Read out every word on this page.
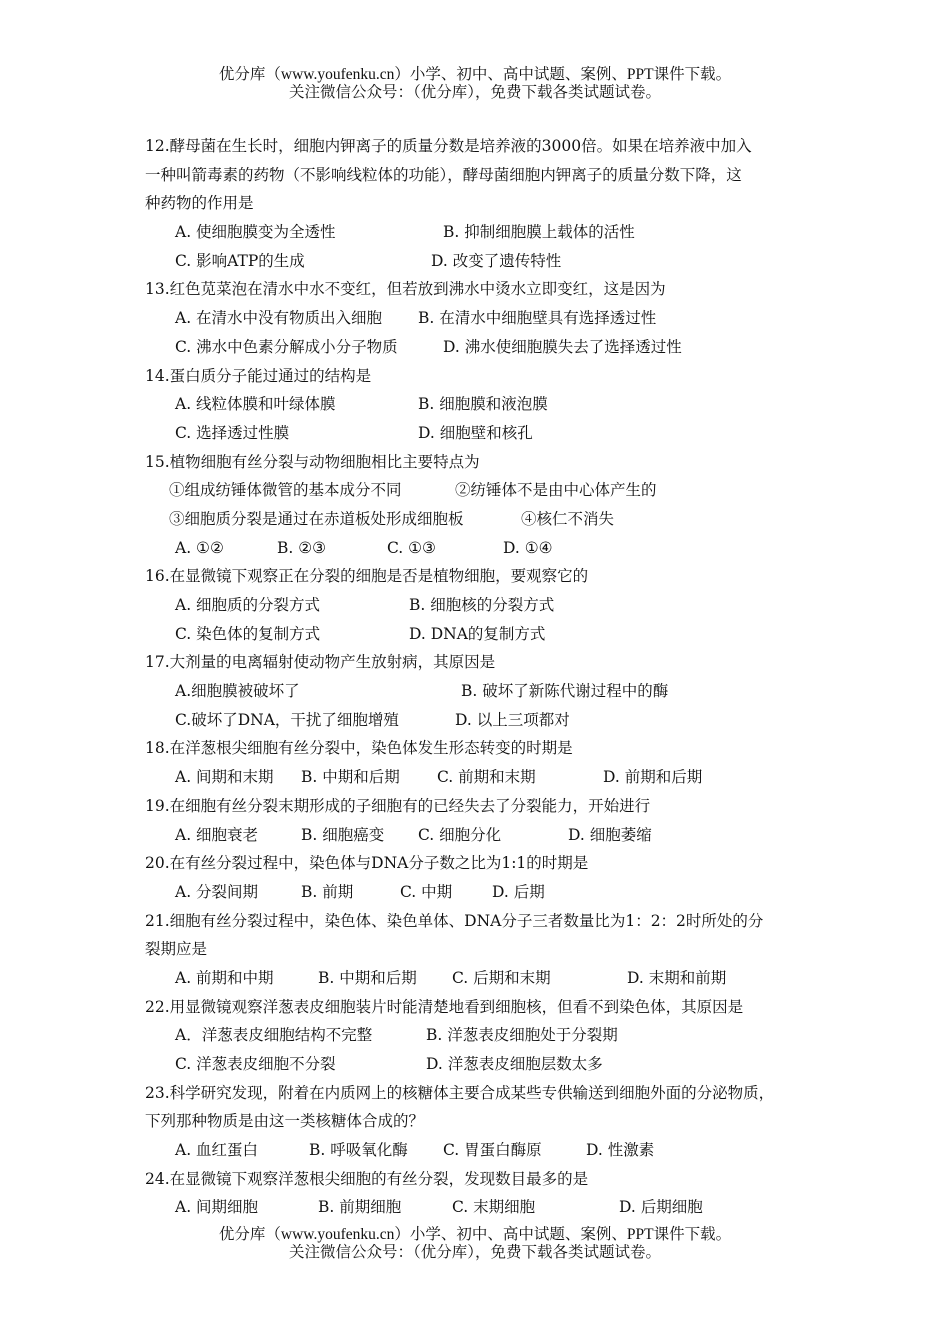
优分库（www.youfenku.cn）小学、初中、高中试题、案例、PPT课件下载。
关注微信公众号：（优分库），免费下载各类试题试卷。
12.酵母菌在生长时，细胞内钾离子的质量分数是培养液的3000倍。如果在培养液中加入
一种叫箭毒素的药物（不影响线粒体的功能），酵母菌细胞内钾离子的质量分数下降，这
种药物的作用是
A. 使细胞膜变为全透性	B. 抑制细胞膜上载体的活性
C. 影响ATP的生成	D. 改变了遗传特性
13.红色苋菜泡在清水中水不变红，但若放到沸水中烫水立即变红，这是因为
A. 在清水中没有物质出入细胞	B. 在清水中细胞壁具有选择透过性
C. 沸水中色素分解成小分子物质	D. 沸水使细胞膜失去了选择透过性
14.蛋白质分子能过通过的结构是
A. 线粒体膜和叶绿体膜	B. 细胞膜和液泡膜
C. 选择透过性膜	D. 细胞壁和核孔
15.植物细胞有丝分裂与动物细胞相比主要特点为
①组成纺锤体微管的基本成分不同	②纺锤体不是由中心体产生的
③细胞质分裂是通过在赤道板处形成细胞板	④核仁不消失
A. ①②	B. ②③	C. ①③	D. ①④
16.在显微镜下观察正在分裂的细胞是否是植物细胞，要观察它的
A. 细胞质的分裂方式	B. 细胞核的分裂方式
C. 染色体的复制方式	D. DNA的复制方式
17.大剂量的电离辐射使动物产生放射病，其原因是
A.细胞膜被破坏了	B. 破坏了新陈代谢过程中的酶
C.破坏了DNA，干扰了细胞增殖	D. 以上三项都对
18.在洋葱根尖细胞有丝分裂中，染色体发生形态转变的时期是
A. 间期和末期	B. 中期和后期	C. 前期和末期	D. 前期和后期
19.在细胞有丝分裂末期形成的子细胞有的已经失去了分裂能力，开始进行
A. 细胞衰老	B. 细胞癌变	C. 细胞分化	D. 细胞萎缩
20.在有丝分裂过程中，染色体与DNA分子数之比为1:1的时期是
A. 分裂间期	B. 前期	C. 中期	D. 后期
21.细胞有丝分裂过程中，染色体、染色单体、DNA分子三者数量比为1：2：2时所处的分
裂期应是
A. 前期和中期	B. 中期和后期	C. 后期和末期	D. 末期和前期
22.用显微镜观察洋葱表皮细胞装片时能清楚地看到细胞核，但看不到染色体，其原因是
A．洋葱表皮细胞结构不完整	B. 洋葱表皮细胞处于分裂期
C. 洋葱表皮细胞不分裂	D. 洋葱表皮细胞层数太多
23.科学研究发现，附着在内质网上的核糖体主要合成某些专供输送到细胞外面的分泌物质，
下列那种物质是由这一类核糖体合成的？
A. 血红蛋白	B. 呼吸氧化酶	C. 胃蛋白酶原	D. 性激素
24.在显微镜下观察洋葱根尖细胞的有丝分裂，发现数目最多的是
A. 间期细胞	B. 前期细胞	C. 末期细胞	D. 后期细胞
优分库（www.youfenku.cn）小学、初中、高中试题、案例、PPT课件下载。
关注微信公众号：（优分库），免费下载各类试题试卷。
